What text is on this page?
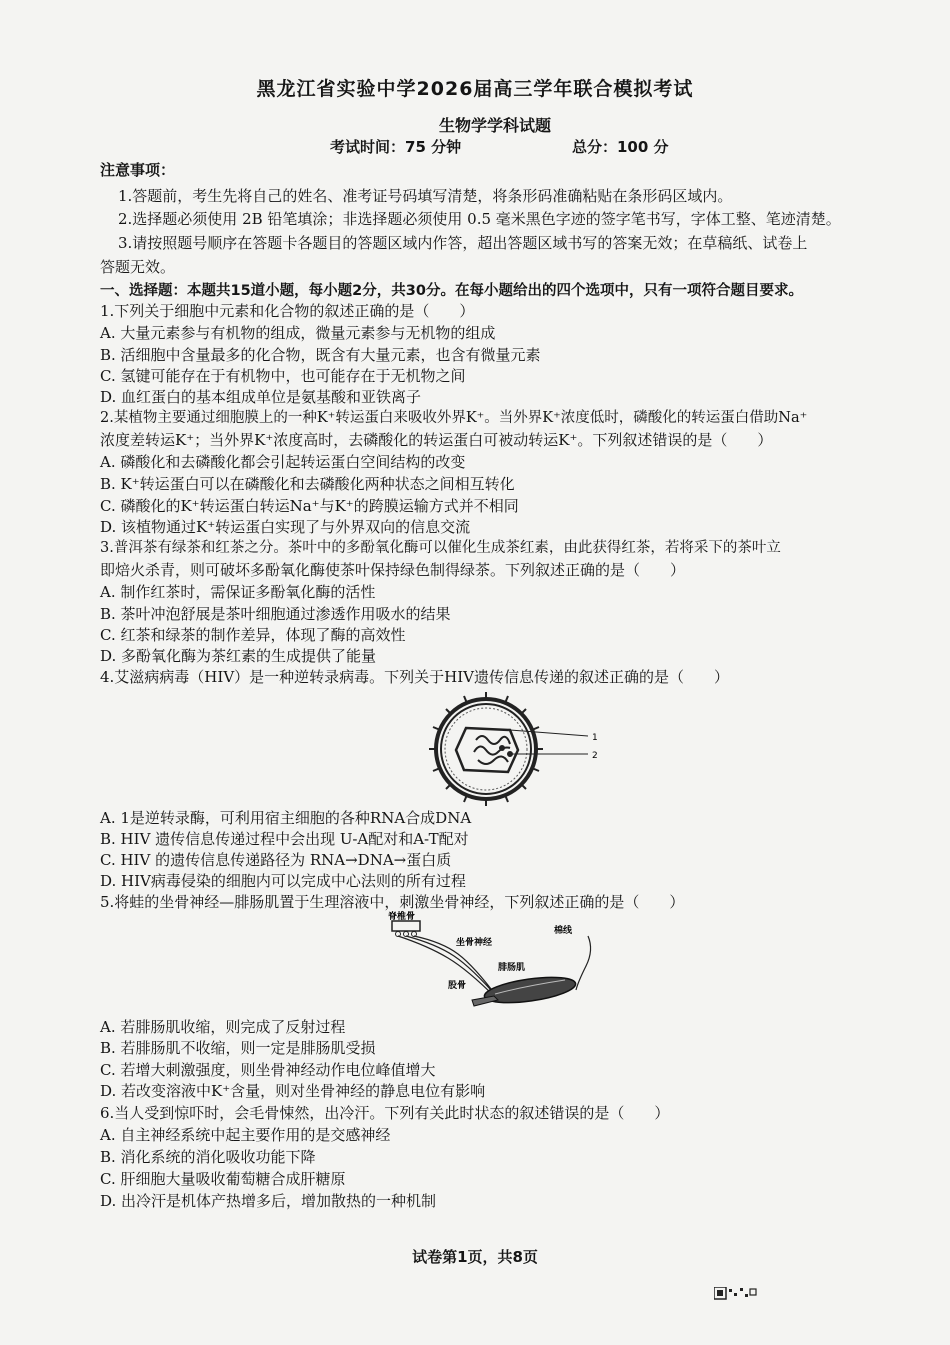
黑龙江省实验中学2026届高三学年联合模拟考试
生物学学科试题
考试时间：75 分钟	总分：100 分
注意事项：
1.答题前，考生先将自己的姓名、准考证号码填写清楚，将条形码准确粘贴在条形码区域内。
2.选择题必须使用 2B 铅笔填涂；非选择题必须使用 0.5 毫米黑色字迹的签字笔书写，字体工整、笔迹清楚。
3.请按照题号顺序在答题卡各题目的答题区域内作答，超出答题区域书写的答案无效；在草稿纸、试卷上
答题无效。
一、选择题：本题共15道小题，每小题2分，共30分。在每小题给出的四个选项中，只有一项符合题目要求。
1.下列关于细胞中元素和化合物的叙述正确的是（　　）
A. 大量元素参与有机物的组成，微量元素参与无机物的组成
B. 活细胞中含量最多的化合物，既含有大量元素，也含有微量元素
C. 氢键可能存在于有机物中，也可能存在于无机物之间
D. 血红蛋白的基本组成单位是氨基酸和亚铁离子
2.某植物主要通过细胞膜上的一种K⁺转运蛋白来吸收外界K⁺。当外界K⁺浓度低时，磷酸化的转运蛋白借助Na⁺
浓度差转运K⁺；当外界K⁺浓度高时，去磷酸化的转运蛋白可被动转运K⁺。下列叙述错误的是（　　）
A. 磷酸化和去磷酸化都会引起转运蛋白空间结构的改变
B. K⁺转运蛋白可以在磷酸化和去磷酸化两种状态之间相互转化
C. 磷酸化的K⁺转运蛋白转运Na⁺与K⁺的跨膜运输方式并不相同
D. 该植物通过K⁺转运蛋白实现了与外界双向的信息交流
3.普洱茶有绿茶和红茶之分。茶叶中的多酚氧化酶可以催化生成茶红素，由此获得红茶，若将采下的茶叶立
即焙火杀青，则可破坏多酚氧化酶使茶叶保持绿色制得绿茶。下列叙述正确的是（　　）
A. 制作红茶时，需保证多酚氧化酶的活性
B. 茶叶冲泡舒展是茶叶细胞通过渗透作用吸水的结果
C. 红茶和绿茶的制作差异，体现了酶的高效性
D. 多酚氧化酶为茶红素的生成提供了能量
4.艾滋病病毒（HIV）是一种逆转录病毒。下列关于HIV遗传信息传递的叙述正确的是（　　）
1
2
A. 1是逆转录酶，可利用宿主细胞的各种RNA合成DNA
B. HIV 遗传信息传递过程中会出现 U-A配对和A-T配对
C. HIV 的遗传信息传递路径为 RNA→DNA→蛋白质
D. HIV病毒侵染的细胞内可以完成中心法则的所有过程
5.将蛙的坐骨神经—腓肠肌置于生理溶液中，刺激坐骨神经，下列叙述正确的是（　　）
脊椎骨
坐骨神经
棉线
腓肠肌
股骨
A. 若腓肠肌收缩，则完成了反射过程
B. 若腓肠肌不收缩，则一定是腓肠肌受损
C. 若增大刺激强度，则坐骨神经动作电位峰值增大
D. 若改变溶液中K⁺含量，则对坐骨神经的静息电位有影响
6.当人受到惊吓时，会毛骨悚然，出冷汗。下列有关此时状态的叙述错误的是（　　）
A. 自主神经系统中起主要作用的是交感神经
B. 消化系统的消化吸收功能下降
C. 肝细胞大量吸收葡萄糖合成肝糖原
D. 出冷汗是机体产热增多后，增加散热的一种机制
试卷第1页，共8页
